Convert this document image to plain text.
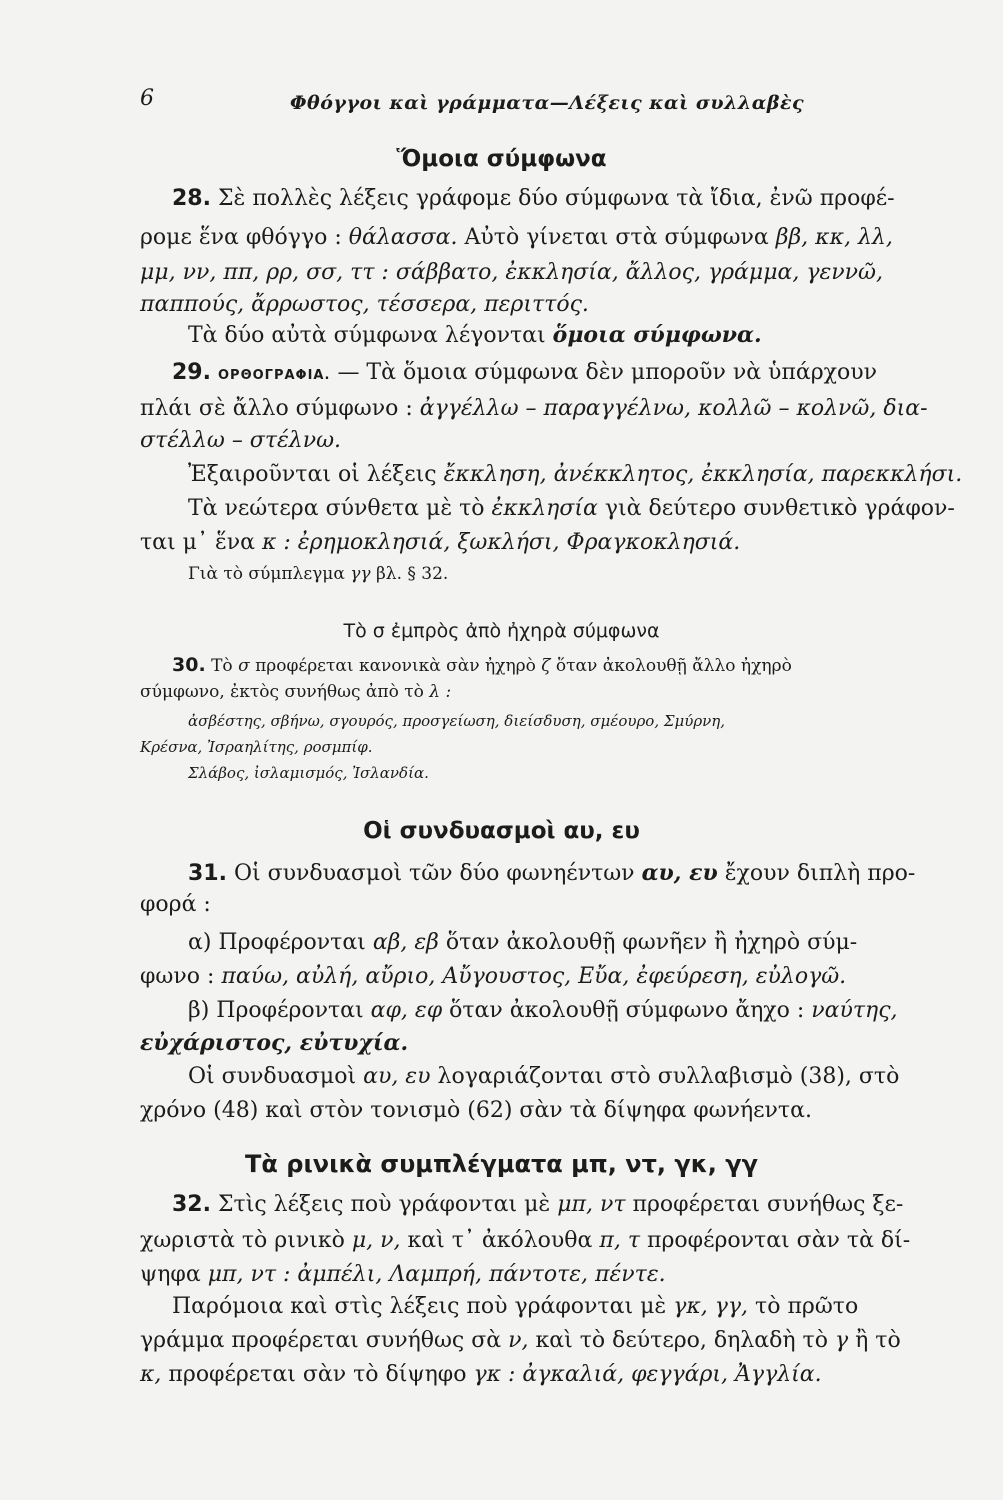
6	Φθόγγοι καὶ γράμματα—Λέξεις καὶ συλλαβὲς
Ὅμοια σύμφωνα
28. Σὲ πολλὲς λέξεις γράφομε δύο σύμφωνα τὰ ἴδια, ἐνῶ προφέ-
ρομε ἕνα φθόγγο : θάλασσα. Αὐτὸ γίνεται στὰ σύμφωνα ββ, κκ, λλ,
μμ, νν, ππ, ρρ, σσ, ττ : σάββατο, ἐκκλησία, ἄλλος, γράμμα, γεννῶ,
παππούς, ἄρρωστος, τέσσερα, περιττός.
Τὰ δύο αὐτὰ σύμφωνα λέγονται ὅμοια σύμφωνα.
29. ΟΡΘΟΓΡΑΦΙΑ. — Τὰ ὅμοια σύμφωνα δὲν μποροῦν νὰ ὑπάρχουν
πλάι σὲ ἄλλο σύμφωνο : ἀγγέλλω – παραγγέλνω, κολλῶ – κολνῶ, δια-
στέλλω – στέλνω.
Ἐξαιροῦνται οἱ λέξεις ἔκκληση, ἀνέκκλητος, ἐκκλησία, παρεκκλήσι.
Τὰ νεώτερα σύνθετα μὲ τὸ ἐκκλησία γιὰ δεύτερο συνθετικὸ γράφον-
ται μ᾿ ἕνα κ : ἐρημοκλησιά, ξωκλήσι, Φραγκοκλησιά.
Γιὰ τὸ σύμπλεγμα γγ βλ. § 32.
Τὸ σ ἐμπρὸς ἀπὸ ἠχηρὰ σύμφωνα
30. Τὸ σ προφέρεται κανονικὰ σὰν ἠχηρὸ ζ ὅταν ἀκολουθῇ ἄλλο ἠχηρὸ
σύμφωνο, ἐκτὸς συνήθως ἀπὸ τὸ λ :
ἀσβέστης, σβήνω, σγουρός, προσγείωση, διείσδυση, σμέουρο, Σμύρνη,
Κρέσνα, Ἰσραηλίτης, ροσμπίφ.
Σλάβος, ἰσλαμισμός, Ἰσλανδία.
Οἱ συνδυασμοὶ αυ, ευ
31. Οἱ συνδυασμοὶ τῶν δύο φωνηέντων αυ, ευ ἔχουν διπλὴ προ-
φορά :
α) Προφέρονται αβ, εβ ὅταν ἀκολουθῇ φωνῆεν ἢ ἠχηρὸ σύμ-
φωνο : παύω, αὐλή, αὔριο, Αὔγουστος, Εὔα, ἐφεύρεση, εὐλογῶ.
β) Προφέρονται αφ, εφ ὅταν ἀκολουθῇ σύμφωνο ἄηχο : ναύτης,
εὐχάριστος, εὐτυχία.
Οἱ συνδυασμοὶ αυ, ευ λογαριάζονται στὸ συλλαβισμὸ (38), στὸ
χρόνο (48) καὶ στὸν τονισμὸ (62) σὰν τὰ δίψηφα φωνήεντα.
Τὰ ρινικὰ συμπλέγματα μπ, ντ, γκ, γγ
32. Στὶς λέξεις ποὺ γράφονται μὲ μπ, ντ προφέρεται συνήθως ξε-
χωριστὰ τὸ ρινικὸ μ, ν, καὶ τ᾿ ἀκόλουθα π, τ προφέρονται σὰν τὰ δί-
ψηφα μπ, ντ : ἀμπέλι, Λαμπρή, πάντοτε, πέντε.
Παρόμοια καὶ στὶς λέξεις ποὺ γράφονται μὲ γκ, γγ, τὸ πρῶτο
γράμμα προφέρεται συνήθως σὰ ν, καὶ τὸ δεύτερο, δηλαδὴ τὸ γ ἢ τὸ
κ, προφέρεται σὰν τὸ δίψηφο γκ : ἀγκαλιά, φεγγάρι, Ἀγγλία.
